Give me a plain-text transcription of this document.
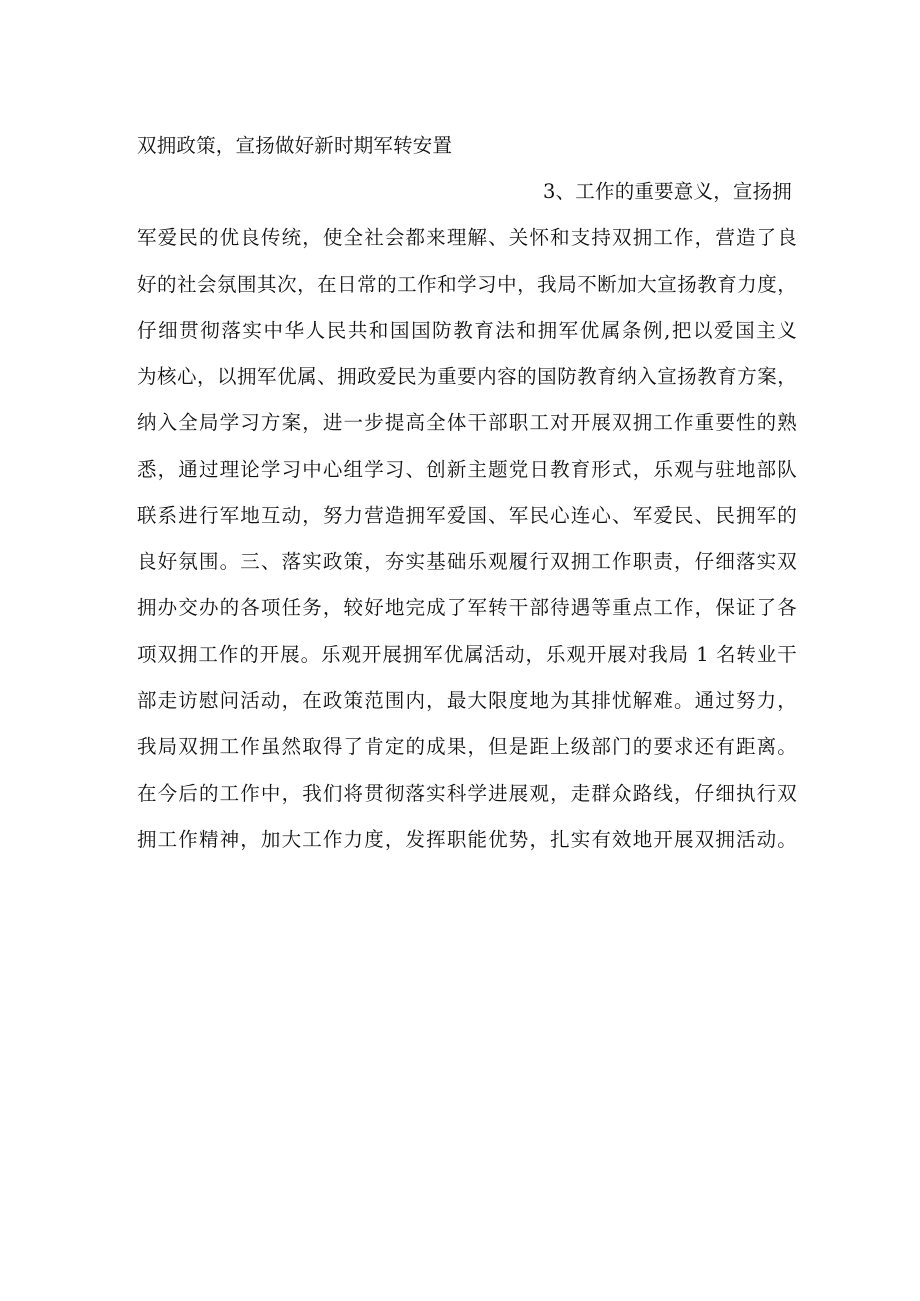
双拥政策，宣扬做好新时期军转安置
3、工作的重要意义，宣扬拥
军爱民的优良传统，使全社会都来理解、关怀和支持双拥工作，营造了良
好的社会氛围其次，在日常的工作和学习中，我局不断加大宣扬教育力度，
仔细贯彻落实中华人民共和国国防教育法和拥军优属条例,把以爱国主义
为核心，以拥军优属、拥政爱民为重要内容的国防教育纳入宣扬教育方案，
纳入全局学习方案，进一步提高全体干部职工对开展双拥工作重要性的熟
悉，通过理论学习中心组学习、创新主题党日教育形式，乐观与驻地部队
联系进行军地互动，努力营造拥军爱国、军民心连心、军爱民、民拥军的
良好氛围。三、落实政策，夯实基础乐观履行双拥工作职责，仔细落实双
拥办交办的各项任务，较好地完成了军转干部待遇等重点工作，保证了各
项双拥工作的开展。乐观开展拥军优属活动，乐观开展对我局 1 名转业干
部走访慰问活动，在政策范围内，最大限度地为其排忧解难。通过努力，
我局双拥工作虽然取得了肯定的成果，但是距上级部门的要求还有距离。
在今后的工作中，我们将贯彻落实科学进展观，走群众路线，仔细执行双
拥工作精神，加大工作力度，发挥职能优势，扎实有效地开展双拥活动。
